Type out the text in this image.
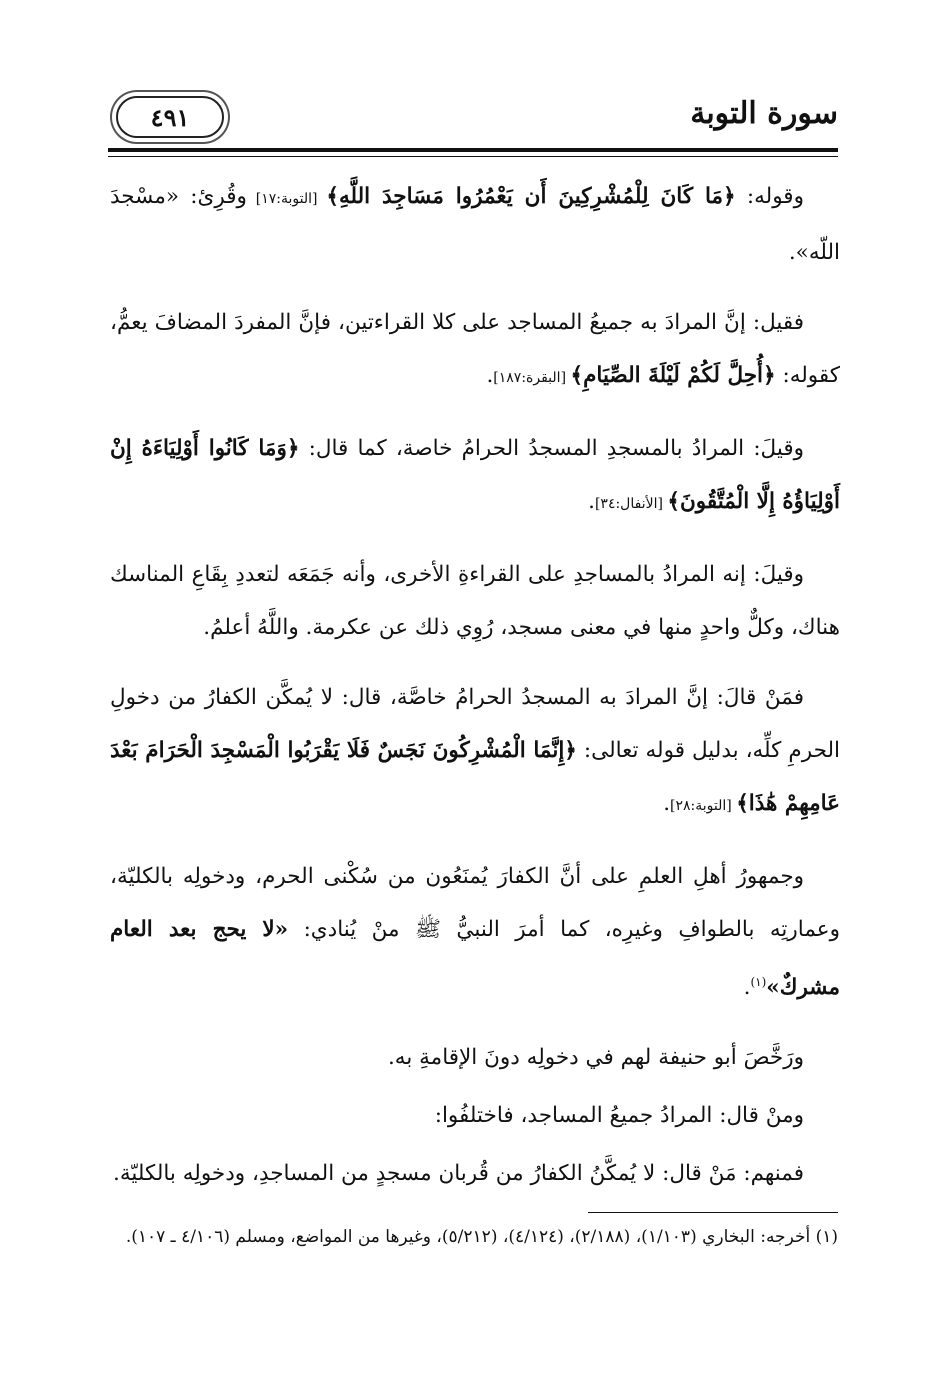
سورة التوبة
٤٩١

وقوله: ﴿مَا كَانَ لِلْمُشْرِكِينَ أَن يَعْمُرُوا مَسَاجِدَ اللَّهِ﴾ [التوبة:١٧] وقُرِئ: «مسْجدَ اللّه».

فقيل: إنَّ المرادَ به جميعُ المساجد على كلا القراءتين، فإنَّ المفردَ المضافَ يعمُّ، كقوله: ﴿أُحِلَّ لَكُمْ لَيْلَةَ الصِّيَامِ﴾ [البقرة:١٨٧].

وقيلَ: المرادُ بالمسجدِ المسجدُ الحرامُ خاصة، كما قال: ﴿وَمَا كَانُوا أَوْلِيَاءَهُ إِنْ أَوْلِيَاؤُهُ إِلَّا الْمُتَّقُونَ﴾ [الأنفال:٣٤].

وقيلَ: إنه المرادُ بالمساجدِ على القراءةِ الأخرى، وأنه جَمَعَه لتعددِ بِقَاعِ المناسك هناك، وكلٌّ واحدٍ منها في معنى مسجد، رُوِي ذلك عن عكرمة. واللَّهُ أعلمُ.

فمَنْ قالَ: إنَّ المرادَ به المسجدُ الحرامُ خاصَّة، قال: لا يُمكَّن الكفارُ من دخولِ الحرمِ كلِّه، بدليل قوله تعالى: ﴿إِنَّمَا الْمُشْرِكُونَ نَجَسٌ فَلَا يَقْرَبُوا الْمَسْجِدَ الْحَرَامَ بَعْدَ عَامِهِمْ هَٰذَا﴾ [التوبة:٢٨].

وجمهورُ أهلِ العلمِ على أنَّ الكفارَ يُمنَعُون من سُكْنى الحرم، ودخولِه بالكليّة، وعمارتِه بالطوافِ وغيرِه، كما أمرَ النبيُّ ﷺ منْ يُنادي: «لا يحج بعد العام مشركٌ»$^{(١)}$.

ورَخَّصَ أبو حنيفة لهم في دخولِه دونَ الإقامةِ به.

ومنْ قال: المرادُ جميعُ المساجد، فاختلفُوا:

فمنهم: مَنْ قال: لا يُمكَّنُ الكفارُ من قُربان مسجدٍ من المساجدِ، ودخولِه بالكليّة.

(١) أخرجه: البخاري (١/١٠٣)، (٢/١٨٨)، (٤/١٢٤)، (٥/٢١٢)، وغيرها من المواضع، ومسلم (٤/١٠٦ ـ ١٠٧).
